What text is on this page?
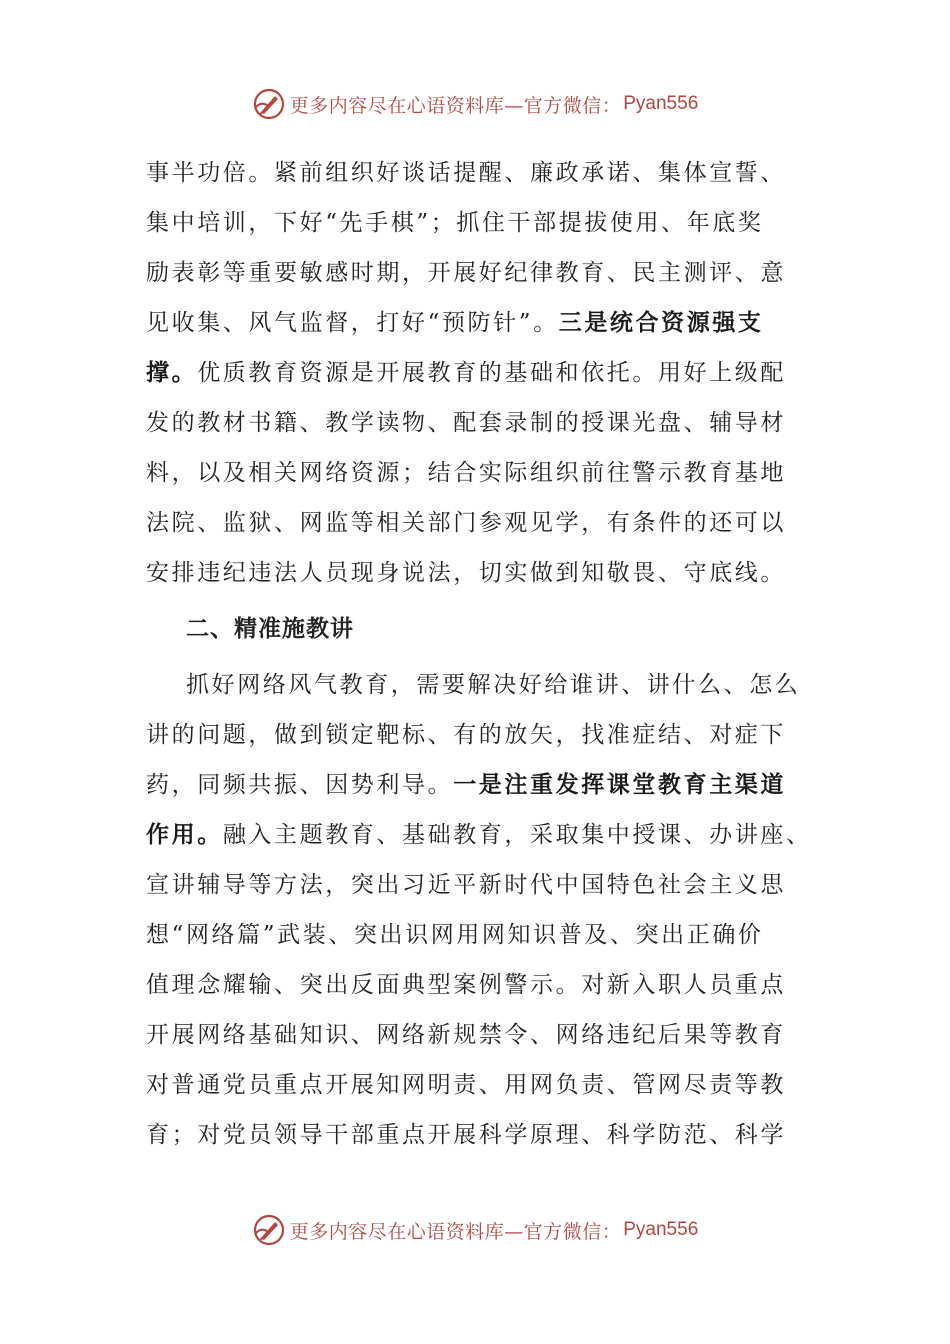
更多内容尽在心语资料库—官方微信： Pyan556
事半功倍。紧前组织好谈话提醒、廉政承诺、集体宣誓、
集中培训，下好“先手棋”；抓住干部提拔使用、年底奖
励表彰等重要敏感时期，开展好纪律教育、民主测评、意
见收集、风气监督，打好“预防针”。三是统合资源强支
撑。优质教育资源是开展教育的基础和依托。用好上级配
发的教材书籍、教学读物、配套录制的授课光盘、辅导材
料，以及相关网络资源；结合实际组织前往警示教育基地
法院、监狱、网监等相关部门参观见学，有条件的还可以
安排违纪违法人员现身说法，切实做到知敬畏、守底线。
二、精准施教讲
抓好网络风气教育，需要解决好给谁讲、讲什么、怎么
讲的问题，做到锁定靶标、有的放矢，找准症结、对症下
药，同频共振、因势利导。一是注重发挥课堂教育主渠道
作用。融入主题教育、基础教育，采取集中授课、办讲座、
宣讲辅导等方法，突出习近平新时代中国特色社会主义思
想“网络篇”武装、突出识网用网知识普及、突出正确价
值理念耀输、突出反面典型案例警示。对新入职人员重点
开展网络基础知识、网络新规禁令、网络违纪后果等教育
对普通党员重点开展知网明责、用网负责、管网尽责等教
育；对党员领导干部重点开展科学原理、科学防范、科学
更多内容尽在心语资料库—官方微信： Pyan556
